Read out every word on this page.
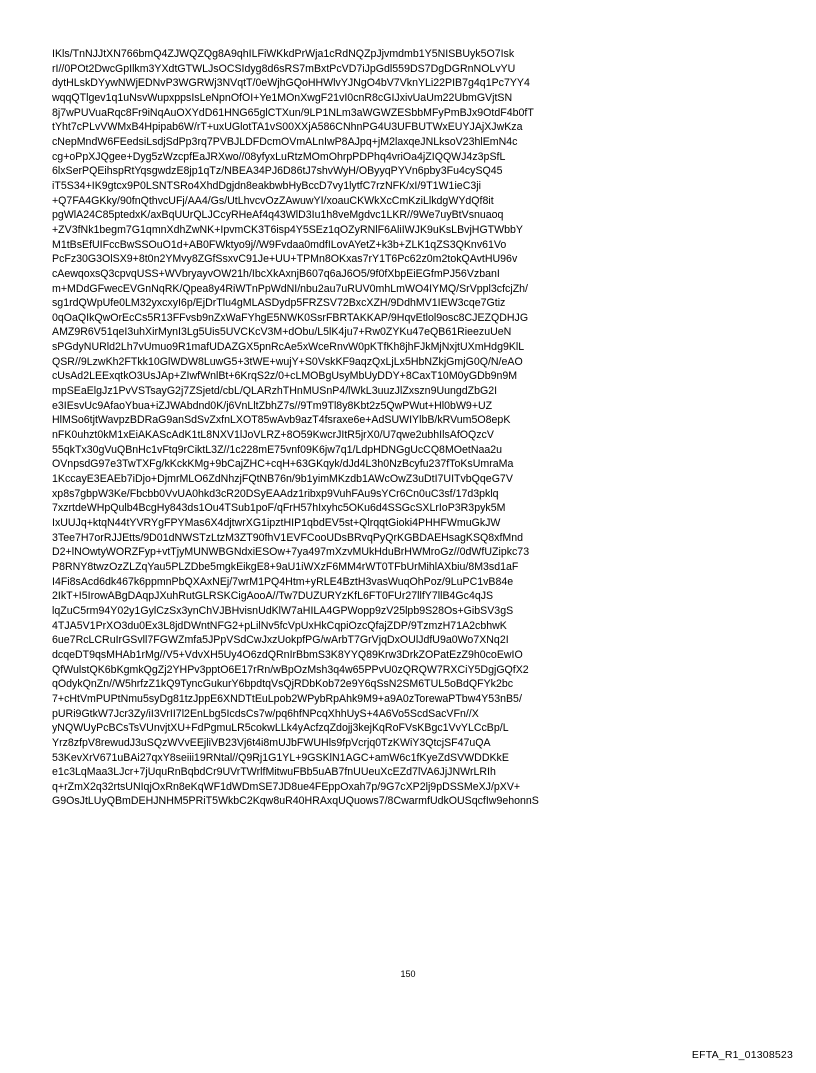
IKls/TnNJJtXN766bmQ4ZJWQZQg8A9qhILFiWKkdPrWja1cRdNQZpJjvmdmb1Y5NISBUyk5O7Isk
rI//0POt2DwcGpIlkm3YXdtGTWLJsOCSIdyg8d6sRS7mBxtPcVD7iJpGdl559DS7DgDGRnNOLvYU
dytHLskDYywNWjEDNvP3WGRWj3NVqtT/0eWjhGQoHHWlvYJNgO4bV7VknYLi22PIB7g4q1Pc7YY4
wqqQTlgev1q1uNsvWupxppsIsLeNpnOfOI+Ye1MOnXwgF21vI0cnR8cGIJxivUaUm22UbmGVjtSN
8j7wPUVuaRqc8Fr9iNqAuOXYdD61HNG65glCTXun/9LP1NLm3aWGWZESbbMFyPmBJx9OtdF4b0fT
tYht7cPLvVWMxB4Hpipab6W/rT+uxUGlotTA1vS00XXjA586CNhnPG4U3UFBUTWxEUYJAjXJwKza
cNepMndW6FEedsiLsdjSdPp3rq7PVBJLDFDcmOVmALnIwP8AJpq+jM2laxqeJNLksoV23hlEmN4c
cg+oPpXJQgee+Dyg5zWzcpfEaJRXwo//08yfyxLuRtzMOmOhrpPDPhq4vriOa4jZIQQWJ4z3pSfL
6lxSerPQEihspRtYqsgwdzE8jp1qTz/NBEA34PJ6D86tJ7shvWyH/OByyqPYVn6pby3Fu4cySQ45
iT5S34+IK9gtcx9P0LSNTSRo4XhdDgjdn8eakbwbHyBccD7vy1lytfC7rzNFK/xI/9T1W1ieC3ji
+Q7FA4GKky/90fnQthvcUFj/AA4/Gs/UtLhvcvOzZAwuwYI/xoauCKWkXcCmKziLlkdgWYdQf8it
pgWlA24C85ptedxK/axBqUUrQLJCcyRHeAf4q43WlD3Iu1h8veMgdvc1LKR//9We7uyBtVsnuaoq
+ZV3fNk1begm7G1qmnXdhZwNK+IpvmCK3T6isp4Y5SEz1qOZyRNlF6AliIWJK9uKsLBvjHGTWbbY
M1tBsEfUIFccBwSSOuO1d+AB0FWktyo9j//W9Fvdaa0mdfILovAYetZ+k3b+ZLK1qZS3QKnv61Vo
PcFz30G3OlSX9+8t0n2YMvy8ZGfSsxvC91Je+UU+TPMn8OKxas7rY1T6Pc62z0m2tokQAvtHU96v
cAewqoxsQ3cpvqUSS+WVbryayvOW21h/IbcXkAxnjB607q6aJ6O5/9f0fXbpEiEGfmPJ56VzbanI
m+MDdGFwecEVGnNqRK/Qpea8y4RiWTnPpWdNI/nbu2au7uRUV0mhLmWO4IYMQ/SrVppl3cfcjZh/
sg1rdQWpUfe0LM32yxcxyI6p/EjDrTlu4gMLASDydp5FRZSV72BxcXZH/9DdhMV1IEW3cqe7Gtiz
0qOaQIkQwOrEcCs5R13FFvsb9nZxWaFYhgE5NWK0SsrFBRTAKKAP/9HqvEtlol9osc8CJEZQDHJG
AMZ9R6V51qeI3uhXirMynI3Lg5Uis5UVCKcV3M+dObu/L5lK4ju7+Rw0ZYKu47eQB61RieezuUeN
sPGdyNURld2Lh7vUmuo9R1mafUDAZGX5pnRcAe5xWceRnvW0pKTfKh8jhFJkMjNxjtUXmHdg9KlL
QSR//9LzwKh2FTkk10GlWDW8LuwG5+3tWE+wujY+S0VskKF9aqzQxLjLx5HbNZkjGmjG0Q/N/eAO
cUsAd2LEExqtkO3UsJAp+ZIwfWnlBt+6KrqS2z/0+cLMOBgUsyMbUyDDY+8CaxT10M0yGDb9n9M
mpSEaElgJz1PvVSTsayG2j7ZSjetd/cbL/QLARzhTHnMUSnP4/lWkL3uuzJlZxszn9UungdZbG2I
e3IEsvUc9AfaoYbua+iZJWAbdnd0K/j6VnLltZbhZ7s//9Tm9Tl8y8Kbt2z5QwPWut+Hl0bW9+UZ
HlMSo6tjtWavpzBDRaG9anSdSvZxfnLXOT85wAvb9azT4fsraxe6e+AdSUWIYlbB/kRVum5O8epK
nFK0uhzt0kM1xEiAKAScAdK1tL8NXV1lJoVLRZ+8O59KwcrJItR5jrX0/U7qwe2ubhIlsAfOQzcV
55qkTx30gVuQBnHc1vFtq9rCiktL3Z//1c228mE75vnf09K6jw7q1/LdpHDNGgUcCQ8MOetNaa2u
OVnpsdG97e3TwTXFg/kKckKMg+9bCajZHC+cqH+63GKqyk/dJd4L3h0NzBcyfu237fToKsUmraMa
1KccayE3EAEb7iDjo+DjmrMLO6ZdNhzjFQtNB76n/9b1yimMKzdb1AWcOwZ3uDtI7UITvbQqeG7V
xp8s7gbpW3Ke/Fbcbb0VvUA0hkd3cR20DSyEAAdz1ribxp9VuhFAu9sYCr6Cn0uC3sf/17d3pklq
7xzrtdeWHpQulb4BcgHy843ds1Ou4TSub1poF/qFrH57hIxyhc5OKu6d4SSGcSXLrIoP3R3pyk5M
IxUUJq+ktqN44tYVRYgFPYMas6X4djtwrXG1ipztHIP1qbdEV5st+QlrqqtGioki4PHHFWmuGkJW
3Tee7H7orRJJEtts/9D01dNWSTzLtzM3ZT90fhV1EVFCooUDsBRvqPyQrKGBDAEHsagKSQ8xfMnd
D2+lNOwtyWORZFyp+vtTjyMUNWBGNdxiESOw+7ya497mXzvMUkHduBrHWMroGz//0dWfUZipkc73
P8RNY8twzOzZLZqYau5PLZDbe5mgkEikgE8+9aU1iWXzF6MM4rWT0TFbUrMihlAXbiu/8M3sd1aF
I4Fi8sAcd6dk467k6ppmnPbQXAxNEj/7wrM1PQ4Htm+yRLE4BztH3vasWuqOhPoz/9LuPC1vB84e
2IkT+I5IrowABgDAqpJXuhRutGLRSKCigAooA//Tw7DUZURYzKfL6FT0FUr27llfY7llB4Gc4qJS
lqZuC5rm94Y02y1GylCzSx3ynChVJBHvisnUdKlW7aHILA4GPWopp9zV25lpb9S28Os+GibSV3gS
4TJA5V1PrXO3du0Ex3L8jdDWntNFG2+pLilNv5fcVpUxHkCqpiOzcQfajZDP/9TzmzH71A2cbhwK
6ue7RcLCRuIrGSvll7FGWZmfa5JPpVSdCwJxzUokpfPG/wArbT7GrVjqDxOUlJdfU9a0Wo7XNq2I
dcqeDT9qsMHAb1rMg//V5+VdvXH5Uy4O6zdQRnIrBbmS3K8YYQ89Krw3DrkZOPatEzZ9h0coEwIO
QfWulstQK6bKgmkQgZj2YHPv3pptO6E17rRn/wBpOzMsh3q4w65PPvU0zQRQW7RXCiY5DgjGQfX2
qOdykQnZn//W5hrfzZ1kQ9TyncGukurY6bpdtqVsQjRDbKob72e9Y6qSsN2SM6TUL5oBdQFYk2bc
7+cHtVmPUPtNmu5syDg81tzJppE6XNDTtEuLpob2WPybRpAhk9M9+a9A0zTorewaPTbw4Y53nB5/
pURi9GtkW7Jcr3Zy/iI3VrII7l2EnLbg5IcdsCs7w/pq6hfNPcqXhhUyS+4A6Vo5ScdSacVFn//X
yNQWUyPcBCsTsVUnvjtXU+FdPgmuLR5cokwLLk4yAcfzqZdojj3kejKqRoFVsKBgc1VvYLCcBp/L
Yrz8zfpV8rewudJ3uSQzWVvEEjliVB23Vj6t4i8mUJbFWUHls9fpVcrjq0TzKWiY3QtcjSF47uQA
53KevXrV671uBAi27qxY8seiii19RNtal//Q9Rj1G1YL+9GSKlN1AGC+amW6c1fKyeZdSVWDDKkE
e1c3LqMaa3LJcr+7jUquRnBqbdCr9UVrTWrlfMitwuFBb5uAB7fnUUeuXcEZd7lVA6JjJNWrLRIh
q+rZmX2q32rtsUNIqjOxRn8eKqWF1dWDmSE7JD8ue4FEppOxah7p/9G7cXP2lj9pDSSMeXJ/pXV+
G9OsJtLUyQBmDEHJNHM5PRiT5WkbC2Kqw8uR40HRAxqUQuows7/8CwarmfUdkOUSqcfIw9ehonnS
150
EFTA_R1_01308523
